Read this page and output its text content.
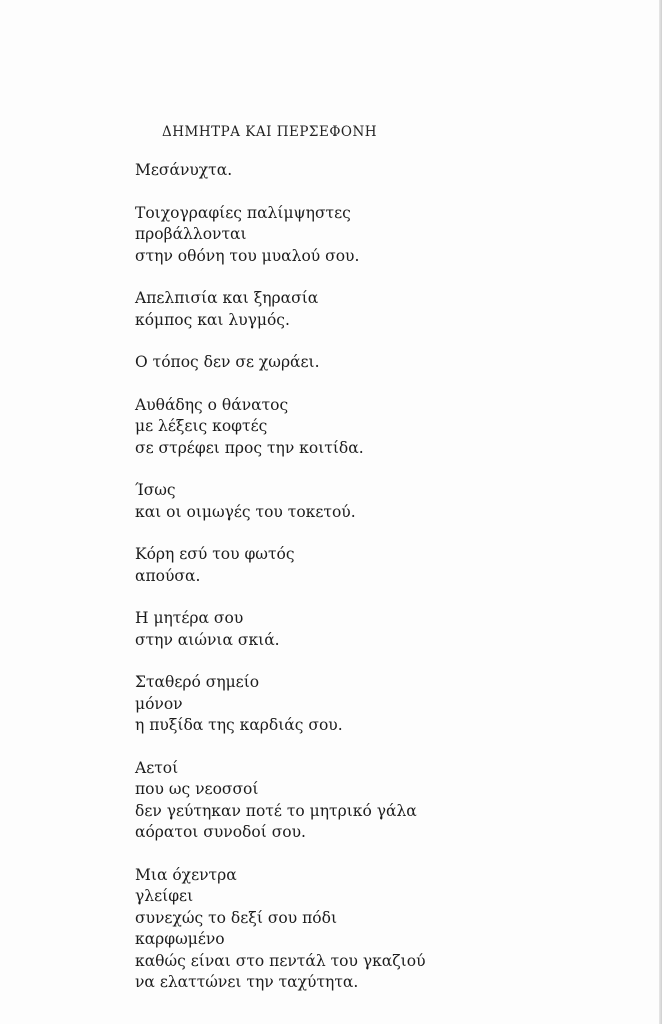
ΔΗΜΗΤΡΑ ΚΑΙ ΠΕΡΣΕΦΟΝΗ
Μεσάνυχτα.
Τοιχογραφίες παλίμψηστες
προβάλλονται
στην οθόνη του μυαλού σου.
Απελπισία και ξηρασία
κόμπος και λυγμός.
Ο τόπος δεν σε χωράει.
Αυθάδης ο θάνατος
με λέξεις κοφτές
σε στρέφει προς την κοιτίδα.
Ίσως
και οι οιμωγές του τοκετού.
Κόρη εσύ του φωτός
απούσα.
Η μητέρα σου
στην αιώνια σκιά.
Σταθερό σημείο
μόνον
η πυξίδα της καρδιάς σου.
Αετοί
που ως νεοσσοί
δεν γεύτηκαν ποτέ το μητρικό γάλα
αόρατοι συνοδοί σου.
Μια όχεντρα
γλείφει
συνεχώς το δεξί σου πόδι
καρφωμένο
καθώς είναι στο πεντάλ του γκαζιού
να ελαττώνει την ταχύτητα.
